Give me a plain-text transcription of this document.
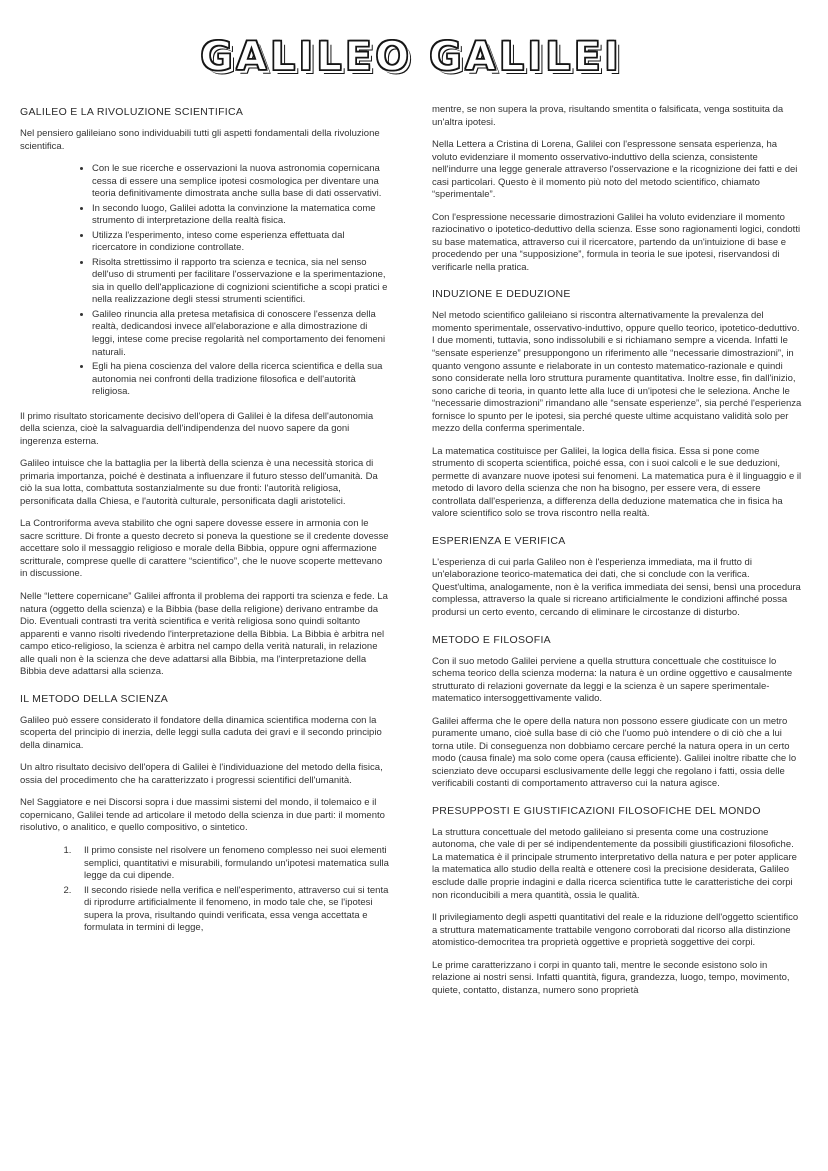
GALILEO GALILEI
GALILEO E LA RIVOLUZIONE SCIENTIFICA

Nel pensiero galileiano sono individuabili tutti gli aspetti fondamentali della rivoluzione scientifica.

• Con le sue ricerche e osservazioni la nuova astronomia copernicana cessa di essere una semplice ipotesi cosmologica per diventare una teoria definitivamente dimostrata anche sulla base di dati osservativi.
• In secondo luogo, Galilei adotta la convinzione la matematica come strumento di interpretazione della realtà fisica.
• Utilizza l'esperimento, inteso come esperienza effettuata dal ricercatore in condizione controllate.
• Risolta strettissimo il rapporto tra scienza e tecnica, sia nel senso dell'uso di strumenti per facilitare l'osservazione e la sperimentazione, sia in quello dell'applicazione di cognizioni scientifiche a scopi pratici e nella realizzazione degli stessi strumenti scientifici.
• Galileo rinuncia alla pretesa metafisica di conoscere l'essenza della realtà, dedicandosi invece all'elaborazione e alla dimostrazione di leggi, intese come precise regolarità nel comportamento dei fenomeni naturali.
• Egli ha piena coscienza del valore della ricerca scientifica e della sua autonomia nei confronti della tradizione filosofica e dell'autorità religiosa.

Il primo risultato storicamente decisivo dell'opera di Galilei è la difesa dell'autonomia della scienza, cioè la salvaguardia dell'indipendenza del nuovo sapere da goni ingerenza esterna.

Galileo intuisce che la battaglia per la libertà della scienza è una necessità storica di primaria importanza, poiché è destinata a influenzare il futuro stesso dell'umanità. Da ciò la sua lotta, combattuta sostanzialmente su due fronti: l'autorità religiosa, personificata dalla Chiesa, e l'autorità culturale, personificata dagli aristotelici.

La Controriforma aveva stabilito che ogni sapere dovesse essere in armonia con le sacre scritture. Di fronte a questo decreto si poneva la questione se il credente dovesse accettare solo il messaggio religioso e morale della Bibbia, oppure ogni affermazione scritturale, comprese quelle di carattere “scientifico”, che le nuove scoperte mettevano in discussione.

Nelle “lettere copernicane” Galilei affronta il problema dei rapporti tra scienza e fede. La natura (oggetto della scienza) e la Bibbia (base della religione) derivano entrambe da Dio. Eventuali contrasti tra verità scientifica e verità religiosa sono quindi soltanto apparenti e vanno risolti rivedendo l'interpretazione della Bibbia. La Bibbia è arbitra nel campo etico-religioso, la scienza è arbitra nel campo della verità naturali, in relazione alle quali non è la scienza che deve adattarsi alla Bibbia, ma l'interpretazione della Bibbia deve adattarsi alla scienza.

IL METODO DELLA SCIENZA

Galileo può essere considerato il fondatore della dinamica scientifica moderna con la scoperta del principio di inerzia, delle leggi sulla caduta dei gravi e il secondo principio della dinamica.

Un altro risultato decisivo dell'opera di Galilei è l'individuazione del metodo della fisica, ossia del procedimento che ha caratterizzato i progressi scientifici dell'umanità.

Nel Saggiatore e nei Discorsi sopra i due massimi sistemi del mondo, il tolemaico e il copernicano, Galilei tende ad articolare il metodo della scienza in due parti: il momento risolutivo, o analitico, e quello compositivo, o sintetico.

1. Il primo consiste nel risolvere un fenomeno complesso nei suoi elementi semplici, quantitativi e misurabili, formulando un'ipotesi matematica sulla legge da cui dipende.
2. Il secondo risiede nella verifica e nell'esperimento, attraverso cui si tenta di riprodurre artificialmente il fenomeno, in modo tale che, se l'ipotesi supera la prova, risultando quindi verificata, essa venga accettata e formulata in termini di legge,

mentre, se non supera la prova, risultando smentita o falsificata, venga sostituita da un'altra ipotesi.

Nella Lettera a Cristina di Lorena, Galilei con l'espressone sensata esperienza, ha voluto evidenziare il momento osservativo-induttivo della scienza, consistente nell'indurre una legge generale attraverso l'osservazione e la ricognizione dei fatti e dei casi particolari. Questo è il momento più noto del metodo scientifico, chiamato “sperimentale”.

Con l'espressione necessarie dimostrazioni Galilei ha voluto evidenziare il momento raziocinativo o ipotetico-deduttivo della scienza. Esse sono ragionamenti logici, condotti su base matematica, attraverso cui il ricercatore, partendo da un'intuizione di base e procedendo per una “supposizione”, formula in teoria le sue ipotesi, riservandosi di verificarle nella pratica.

INDUZIONE E DEDUZIONE

Nel metodo scientifico galileiano si riscontra alternativamente la prevalenza del momento sperimentale, osservativo-induttivo, oppure quello teorico, ipotetico-deduttivo. I due momenti, tuttavia, sono indissolubili e si richiamano sempre a vicenda. Infatti le “sensate esperienze” presuppongono un riferimento alle “necessarie dimostrazioni”, in quanto vengono assunte e rielaborate in un contesto matematico-razionale e quindi sono considerate nella loro struttura puramente quantitativa. Inoltre esse, fin dall'inizio, sono cariche di teoria, in quanto lette alla luce di un'ipotesi che le seleziona. Anche le “necessarie dimostrazioni” rimandano alle “sensate esperienze”, sia perché l'esperienza fornisce lo spunto per le ipotesi, sia perché queste ultime acquistano validità solo per mezzo della conferma sperimentale.

La matematica costituisce per Galilei, la logica della fisica. Essa si pone come strumento di scoperta scientifica, poiché essa, con i suoi calcoli e le sue deduzioni, permette di avanzare nuove ipotesi sui fenomeni. La matematica pura è il linguaggio e il metodo di lavoro della scienza che non ha bisogno, per essere vera, di essere controllata dall'esperienza, a differenza della deduzione matematica che in fisica ha valore scientifico solo se trova riscontro nella realtà.

ESPERIENZA E VERIFICA

L'esperienza di cui parla Galileo non è l'esperienza immediata, ma il frutto di un'elaborazione teorico-matematica dei dati, che si conclude con la verifica. Quest'ultima, analogamente, non è la verifica immediata dei sensi, bensì una procedura complessa, attraverso la quale si ricreano artificialmente le condizioni affinché possa prodursi un certo evento, cercando di eliminare le circostanze di disturbo.

METODO E FILOSOFIA

Con il suo metodo Galilei perviene a quella struttura concettuale che costituisce lo schema teorico della scienza moderna: la natura è un ordine oggettivo e causalmente strutturato di relazioni governate da leggi e la scienza è un sapere sperimentale-matematico intersoggettivamente valido.

Galilei afferma che le opere della natura non possono essere giudicate con un metro puramente umano, cioè sulla base di ciò che l'uomo può intendere o di ciò che a lui torna utile. Di conseguenza non dobbiamo cercare perché la natura opera in un certo modo (causa finale) ma solo come opera (causa efficiente). Galilei inoltre ribatte che lo scienziato deve occuparsi esclusivamente delle leggi che regolano i fatti, ossia delle verificabili costanti di comportamento attraverso cui la natura agisce.

PRESUPPOSTI E GIUSTIFICAZIONI FILOSOFICHE DEL MONDO

La struttura concettuale del metodo galileiano si presenta come una costruzione autonoma, che vale di per sé indipendentemente da possibili giustificazioni filosofiche. La matematica è il principale strumento interpretativo della natura e per poter applicare la matematica allo studio della realtà e ottenere così la precisione desiderata, Galileo esclude dalle proprie indagini e dalla ricerca scientifica tutte le caratteristiche dei corpi non riconducibili a mera quantità, ossia le qualità.

Il privilegiamento degli aspetti quantitativi del reale e la riduzione dell'oggetto scientifico a struttura matematicamente trattabile vengono corroborati dal ricorso alla distinzione atomistico-democritea tra proprietà oggettive e proprietà soggettive dei corpi.

Le prime caratterizzano i corpi in quanto tali, mentre le seconde esistono solo in relazione ai nostri sensi. Infatti quantità, figura, grandezza, luogo, tempo, movimento, quiete, contatto, distanza, numero sono proprietà
